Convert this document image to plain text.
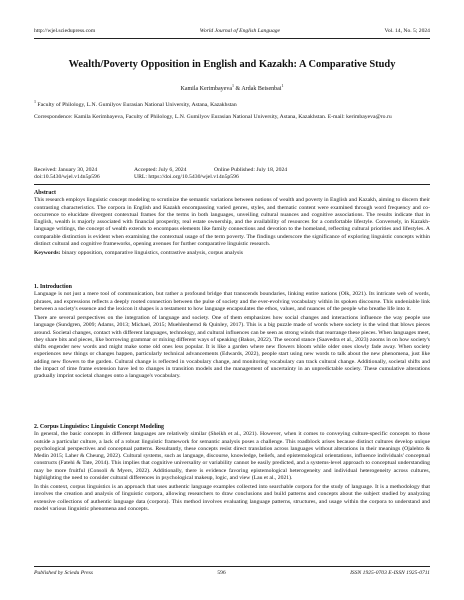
http://wjel.sciedupress.com	World Journal of English Language	Vol. 14, No. 5; 2024
Wealth/Poverty Opposition in English and Kazakh: A Comparative Study
Kamila Kerimbayeva$^1$ & Ardak Beisenbai$^1$

$^1$ Faculty of Philology, L.N. Gumilyov Eurasian National University, Astana, Kazakhstan

Correspondence: Kamila Kerimbayeva, Faculty of Philology, L.N. Gumilyov Eurasian National University, Astana, Kazakhstan. E-mail: kerimbayeva@ro.ru

Received: January 30, 2024	Accepted: July 6, 2024	Online Published: July 18, 2024
doi:10.5430/wjel.v14n5p596	URL: https://doi.org/10.5430/wjel.v14n5p596

Abstract

This research employs linguistic concept modeling to scrutinize the semantic variations between notions of wealth and poverty in English and Kazakh, aiming to discern their contrasting characteristics. The corpora in English and Kazakh encompassing varied genres, styles, and thematic content were examined through word frequency and co-occurrence to elucidate divergent contextual frames for the terms in both languages, unveiling cultural nuances and cognitive associations. The results indicate that in English, wealth is majorly associated with financial prosperity, real estate ownership, and the availability of resources for a comfortable lifestyle. Conversely, in Kazakh-language writings, the concept of wealth extends to encompass elements like family connections and devotion to the homeland, reflecting cultural priorities and lifestyles. A comparable distinction is evident when examining the contextual usage of the term poverty. The findings underscore the significance of exploring linguistic concepts within distinct cultural and cognitive frameworks, opening avenues for further comparative linguistic research.

Keywords: binary opposition, comparative linguistics, contrastive analysis, corpus analysis

1. Introduction

Language is not just a mere tool of communication, but rather a profound bridge that transcends boundaries, linking entire nations (Olk, 2021). Its intricate web of words, phrases, and expressions reflects a deeply rooted connection between the pulse of society and the ever-evolving vocabulary within its spoken discourse. This undeniable link between a society's essence and the lexicon it shapes is a testament to how language encapsulates the ethos, values, and nuances of the people who breathe life into it.

There are several perspectives on the integration of language and society. One of them emphasizes how social changes and interactions influence the way people use language (Sundgren, 2009; Adams, 2013; Michael, 2015; Muehlenhernd & Quinley, 2017). This is a big puzzle made of words where society is the wind that blows pieces around. Societal changes, contact with different languages, technology, and cultural influences can be seen as strong winds that rearrange these pieces. When languages meet, they share bits and pieces, like borrowing grammar or mixing different ways of speaking (Bakos, 2022). The second stance (Saavedra et al., 2023) zooms in on how society's shifts engender new words and might make some old ones less popular. It is like a garden where new flowers bloom while older ones slowly fade away. When society experiences new things or changes happen, particularly technical advancements (Edwards, 2022), people start using new words to talk about the new phenomena, just like adding new flowers to the garden. Cultural change is reflected in vocabulary change, and monitoring vocabulary can track cultural change. Additionally, societal shifts and the impact of time frame extension have led to changes in transition models and the management of uncertainty in an unpredictable society. These cumulative alterations gradually imprint societal changes onto a language's vocabulary.

2. Corpus Linguistics: Linguistic Concept Modeling

In general, the basic concepts in different languages are relatively similar (Sheikh et al., 2021). However, when it comes to conveying culture-specific concepts to those outside a particular culture, a lack of a robust linguistic framework for semantic analysis poses a challenge. This roadblock arises because distinct cultures develop unique psychological perspectives and conceptual patterns. Resultantly, these concepts resist direct translation across languages without alterations in their meanings (Ojalehto & Medin 2015; Laher & Cheung, 2022). Cultural systems, such as language, discourse, knowledge, beliefs, and epistemological orientations, influence individuals' conceptual constructs (Fatehi & Tate, 2014). This implies that cognitive universality or variability cannot be easily predicted, and a systems-level approach to conceptual understanding may be more fruitful (Consoli & Myers, 2022). Additionally, there is evidence favoring epistemological heterogeneity and individual heterogeneity across cultures, highlighting the need to consider cultural differences in psychological makeup, logic, and view (Lau et al., 2021).

In this context, corpus linguistics is an approach that uses authentic language examples collected into searchable corpora for the study of language. It is a methodology that involves the creation and analysis of linguistic corpora, allowing researchers to draw conclusions and build patterns and concepts about the subject studied by analyzing extensive collections of authentic language data (corpora). This method involves evaluating language patterns, structures, and usage within the corpora to understand and model various linguistic phenomena and concepts.

Published by Sciedu Press	596	ISSN 1925-0703 E-ISSN 1925-0711
